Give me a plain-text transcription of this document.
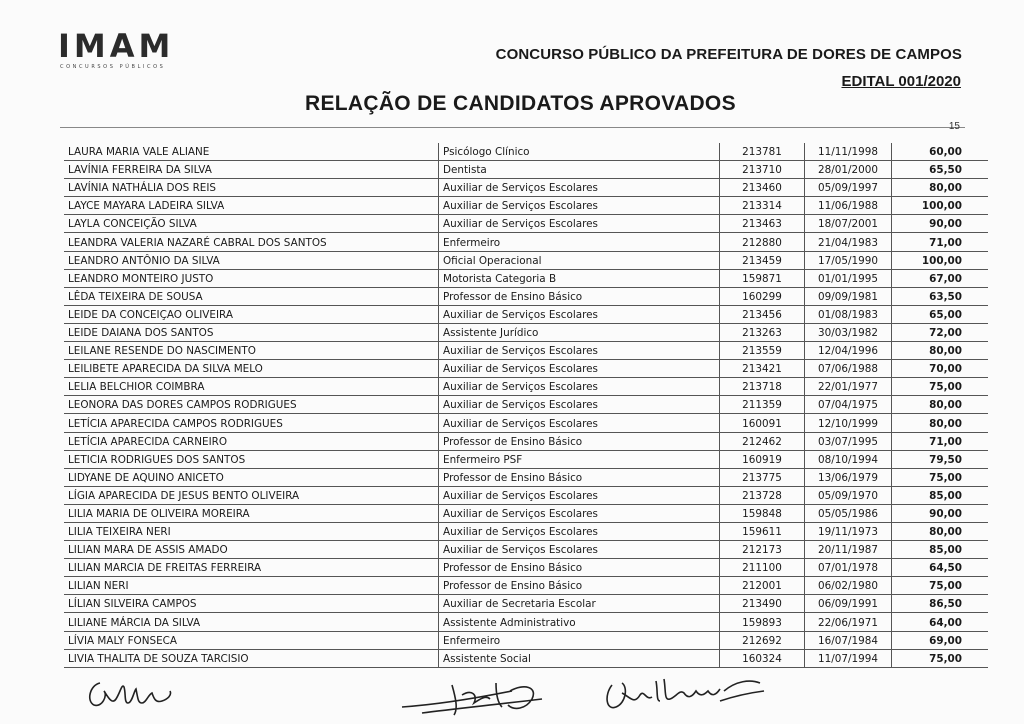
IMAM
CONCURSOS PÚBLICOS
CONCURSO PÚBLICO DA PREFEITURA DE DORES DE CAMPOS
EDITAL 001/2020
RELAÇÃO DE CANDIDATOS APROVADOS
15
LAURA MARIA VALE ALIANE	Psicólogo Clínico	213781	11/11/1998	60,00
LAVÍNIA FERREIRA DA SILVA	Dentista	213710	28/01/2000	65,50
LAVÍNIA NATHÁLIA DOS REIS	Auxiliar de Serviços Escolares	213460	05/09/1997	80,00
LAYCE MAYARA LADEIRA SILVA	Auxiliar de Serviços Escolares	213314	11/06/1988	100,00
LAYLA CONCEIÇÃO SILVA	Auxiliar de Serviços Escolares	213463	18/07/2001	90,00
LEANDRA VALERIA NAZARÉ CABRAL DOS SANTOS	Enfermeiro	212880	21/04/1983	71,00
LEANDRO ANTÔNIO DA SILVA	Oficial Operacional	213459	17/05/1990	100,00
LEANDRO MONTEIRO JUSTO	Motorista Categoria B	159871	01/01/1995	67,00
LÊDA TEIXEIRA DE SOUSA	Professor de Ensino Básico	160299	09/09/1981	63,50
LEIDE DA CONCEIÇAO OLIVEIRA	Auxiliar de Serviços Escolares	213456	01/08/1983	65,00
LEIDE DAIANA DOS SANTOS	Assistente Jurídico	213263	30/03/1982	72,00
LEILANE RESENDE DO NASCIMENTO	Auxiliar de Serviços Escolares	213559	12/04/1996	80,00
LEILIBETE APARECIDA DA SILVA MELO	Auxiliar de Serviços Escolares	213421	07/06/1988	70,00
LELIA BELCHIOR COIMBRA	Auxiliar de Serviços Escolares	213718	22/01/1977	75,00
LEONORA DAS DORES CAMPOS RODRIGUES	Auxiliar de Serviços Escolares	211359	07/04/1975	80,00
LETÍCIA APARECIDA CAMPOS RODRIGUES	Auxiliar de Serviços Escolares	160091	12/10/1999	80,00
LETÍCIA APARECIDA CARNEIRO	Professor de Ensino Básico	212462	03/07/1995	71,00
LETICIA RODRIGUES DOS SANTOS	Enfermeiro PSF	160919	08/10/1994	79,50
LIDYANE DE AQUINO ANICETO	Professor de Ensino Básico	213775	13/06/1979	75,00
LÍGIA APARECIDA DE JESUS BENTO OLIVEIRA	Auxiliar de Serviços Escolares	213728	05/09/1970	85,00
LILIA MARIA DE OLIVEIRA MOREIRA	Auxiliar de Serviços Escolares	159848	05/05/1986	90,00
LILIA TEIXEIRA NERI	Auxiliar de Serviços Escolares	159611	19/11/1973	80,00
LILIAN MARA DE ASSIS AMADO	Auxiliar de Serviços Escolares	212173	20/11/1987	85,00
LILIAN MARCIA DE FREITAS FERREIRA	Professor de Ensino Básico	211100	07/01/1978	64,50
LILIAN NERI	Professor de Ensino Básico	212001	06/02/1980	75,00
LÍLIAN SILVEIRA CAMPOS	Auxiliar de Secretaria Escolar	213490	06/09/1991	86,50
LILIANE MÁRCIA DA SILVA	Assistente Administrativo	159893	22/06/1971	64,00
LÍVIA MALY FONSECA	Enfermeiro	212692	16/07/1984	69,00
LIVIA THALITA DE SOUZA TARCISIO	Assistente Social	160324	11/07/1994	75,00
